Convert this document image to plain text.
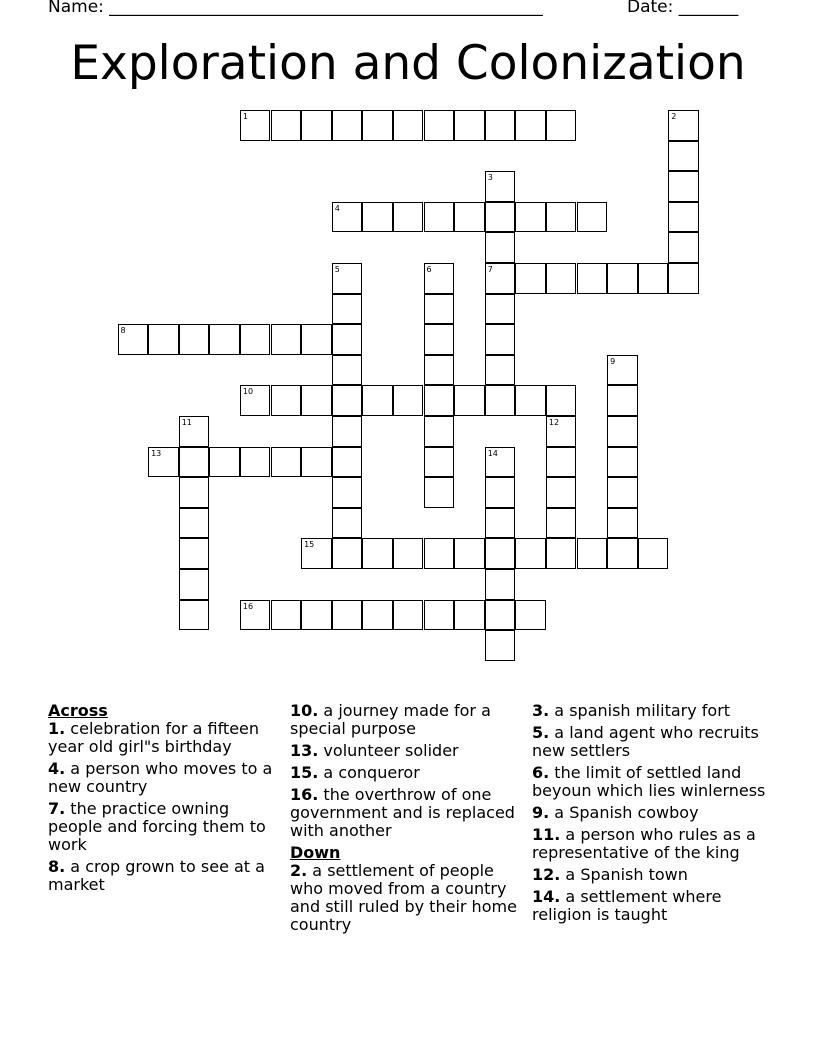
Name: ___________________________________________________	Date: _______
Exploration and Colonization
1	2
3
7
4
5	6
8
9
10
11	12
13	14
15
16
Across
1. celebration for a fifteen year old girl"s birthday
4. a person who moves to a new country
7. the practice owning people and forcing them to work
8. a crop grown to see at a market
10. a journey made for a special purpose
13. volunteer solider
15. a conqueror
16. the overthrow of one government and is replaced with another
Down
2. a settlement of people who moved from a country and still ruled by their home country
3. a spanish military fort
5. a land agent who recruits new settlers
6. the limit of settled land beyoun which lies winlerness
9. a Spanish cowboy
11. a person who rules as a representative of the king
12. a Spanish town
14. a settlement where religion is taught
